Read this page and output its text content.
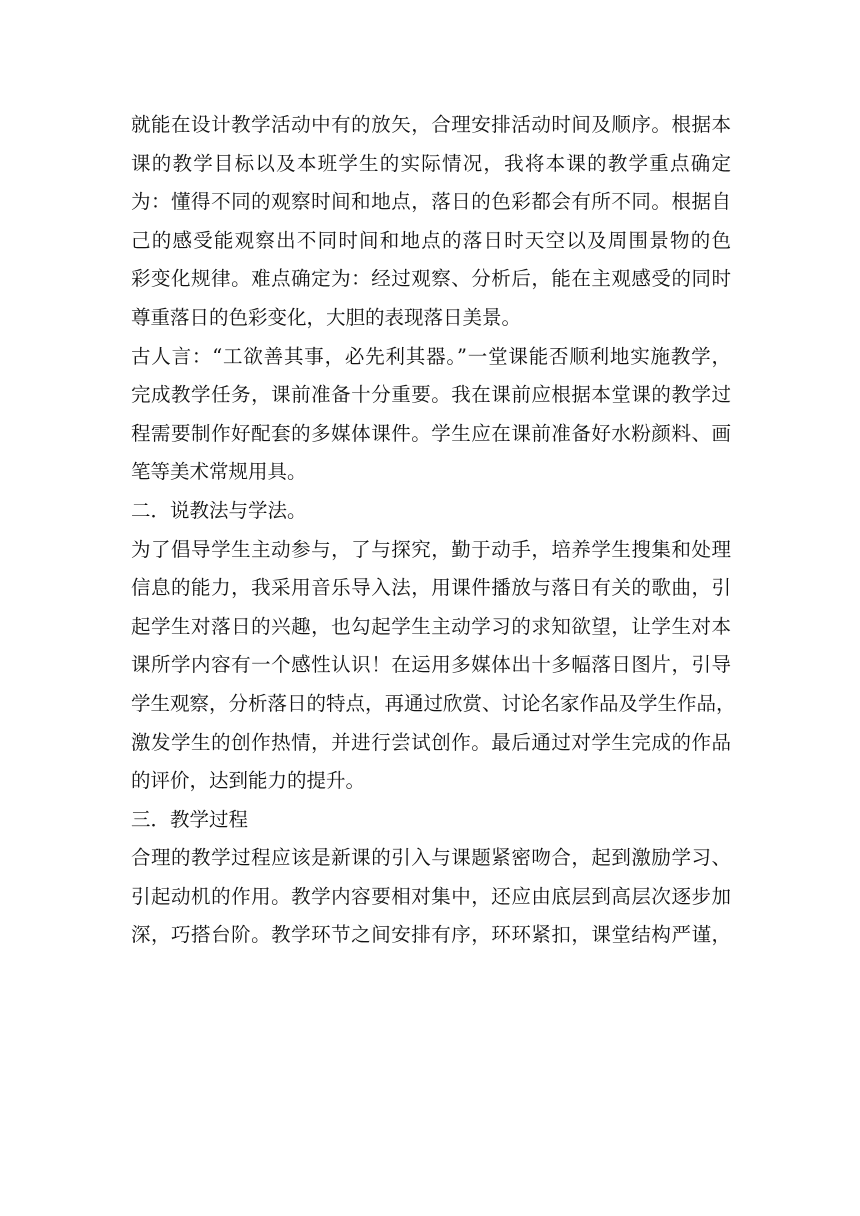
就能在设计教学活动中有的放矢，合理安排活动时间及顺序。根据本
课的教学目标以及本班学生的实际情况，我将本课的教学重点确定
为：懂得不同的观察时间和地点，落日的色彩都会有所不同。根据自
己的感受能观察出不同时间和地点的落日时天空以及周围景物的色
彩变化规律。难点确定为：经过观察、分析后，能在主观感受的同时
尊重落日的色彩变化，大胆的表现落日美景。
古人言：“工欲善其事，必先利其器。”一堂课能否顺利地实施教学，
完成教学任务，课前准备十分重要。我在课前应根据本堂课的教学过
程需要制作好配套的多媒体课件。学生应在课前准备好水粉颜料、画
笔等美术常规用具。
二．说教法与学法。
为了倡导学生主动参与，了与探究，勤于动手，培养学生搜集和处理
信息的能力，我采用音乐导入法，用课件播放与落日有关的歌曲，引
起学生对落日的兴趣，也勾起学生主动学习的求知欲望，让学生对本
课所学内容有一个感性认识！在运用多媒体出十多幅落日图片，引导
学生观察，分析落日的特点，再通过欣赏、讨论名家作品及学生作品，
激发学生的创作热情，并进行尝试创作。最后通过对学生完成的作品
的评价，达到能力的提升。
三．教学过程
合理的教学过程应该是新课的引入与课题紧密吻合，起到激励学习、
引起动机的作用。教学内容要相对集中，还应由底层到高层次逐步加
深，巧搭台阶。教学环节之间安排有序，环环紧扣，课堂结构严谨，
